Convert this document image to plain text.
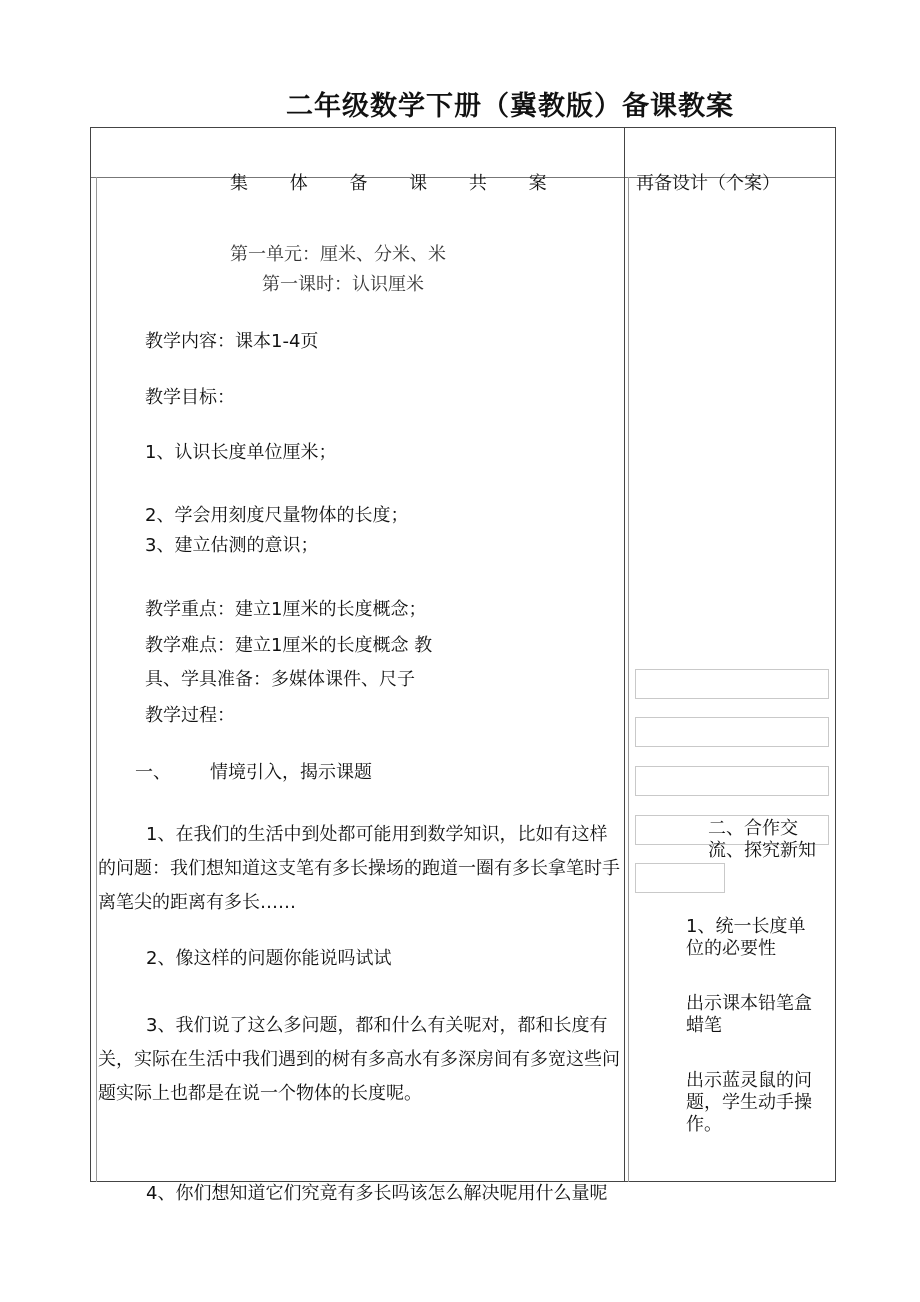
二年级数学下册（冀教版）备课教案
集 体 备 课 共 案	再备设计（个案）
第一单元：厘米、分米、米
第一课时：认识厘米
教学内容：课本1-4页
教学目标：
1、认识长度单位厘米；
2、学会用刻度尺量物体的长度；
3、建立估测的意识；
教学重点：建立1厘米的长度概念；
教学难点：建立1厘米的长度概念 教
具、学具准备：多媒体课件、尺子
教学过程：
一、 情境引入，揭示课题
1、在我们的生活中到处都可能用到数学知识，比如有这样的问题：我们想知道这支笔有多长操场的跑道一圈有多长拿笔时手离笔尖的距离有多长……
2、像这样的问题你能说吗试试
3、我们说了这么多问题，都和什么有关呢对，都和长度有关，实际在生活中我们遇到的树有多高水有多深房间有多宽这些问题实际上也都是在说一个物体的长度呢。
4、你们想知道它们究竟有多长吗该怎么解决呢用什么量呢
二、合作交流、探究新知
1、统一长度单位的必要性
出示课本铅笔盒蜡笔
出示蓝灵鼠的问题，学生动手操作。
